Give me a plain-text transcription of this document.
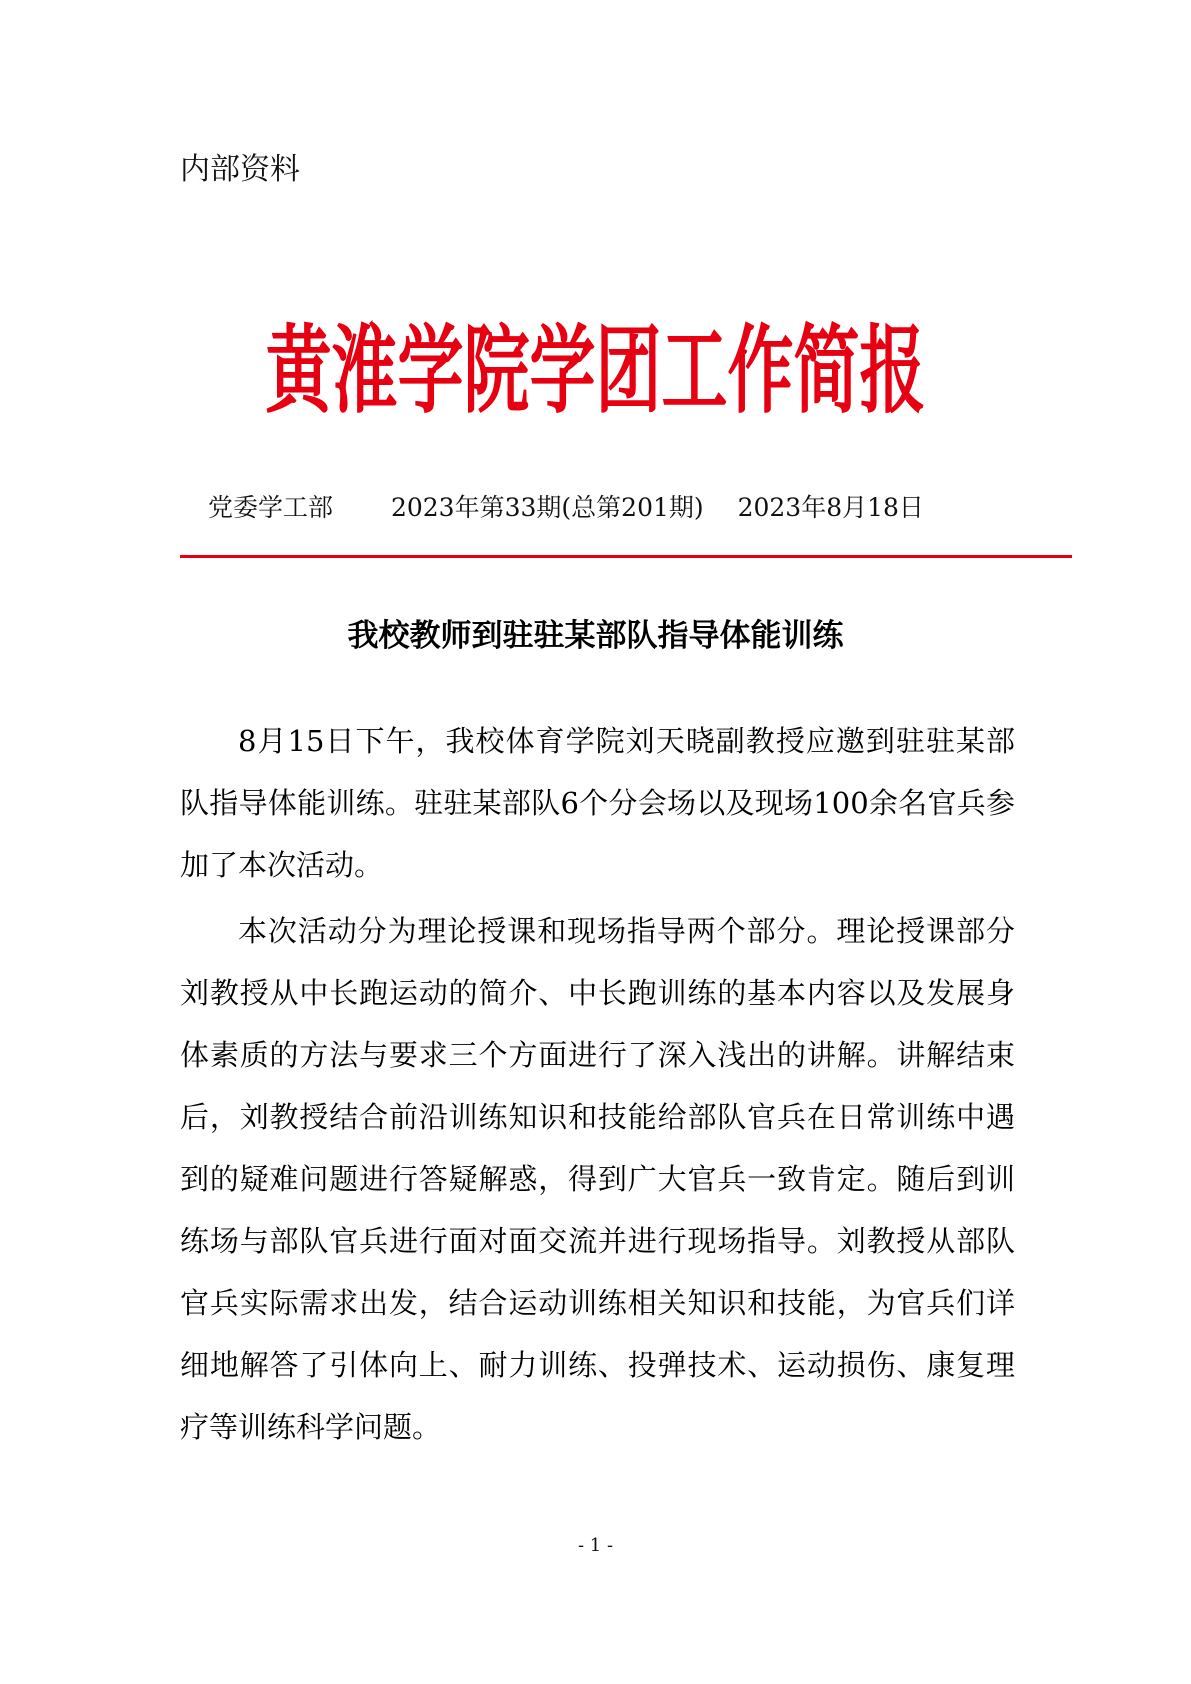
内部资料
黄淮学院学团工作简报
党委学工部 2023年第33期(总第201期) 2023年8月18日
我校教师到驻驻某部队指导体能训练

8月15日下午，我校体育学院刘天晓副教授应邀到驻驻某部队指导体能训练。驻驻某部队6个分会场以及现场100余名官兵参加了本次活动。

本次活动分为理论授课和现场指导两个部分。理论授课部分刘教授从中长跑运动的简介、中长跑训练的基本内容以及发展身体素质的方法与要求三个方面进行了深入浅出的讲解。讲解结束后，刘教授结合前沿训练知识和技能给部队官兵在日常训练中遇到的疑难问题进行答疑解惑，得到广大官兵一致肯定。随后到训练场与部队官兵进行面对面交流并进行现场指导。刘教授从部队官兵实际需求出发，结合运动训练相关知识和技能，为官兵们详细地解答了引体向上、耐力训练、投弹技术、运动损伤、康复理疗等训练科学问题。

- 1 -
